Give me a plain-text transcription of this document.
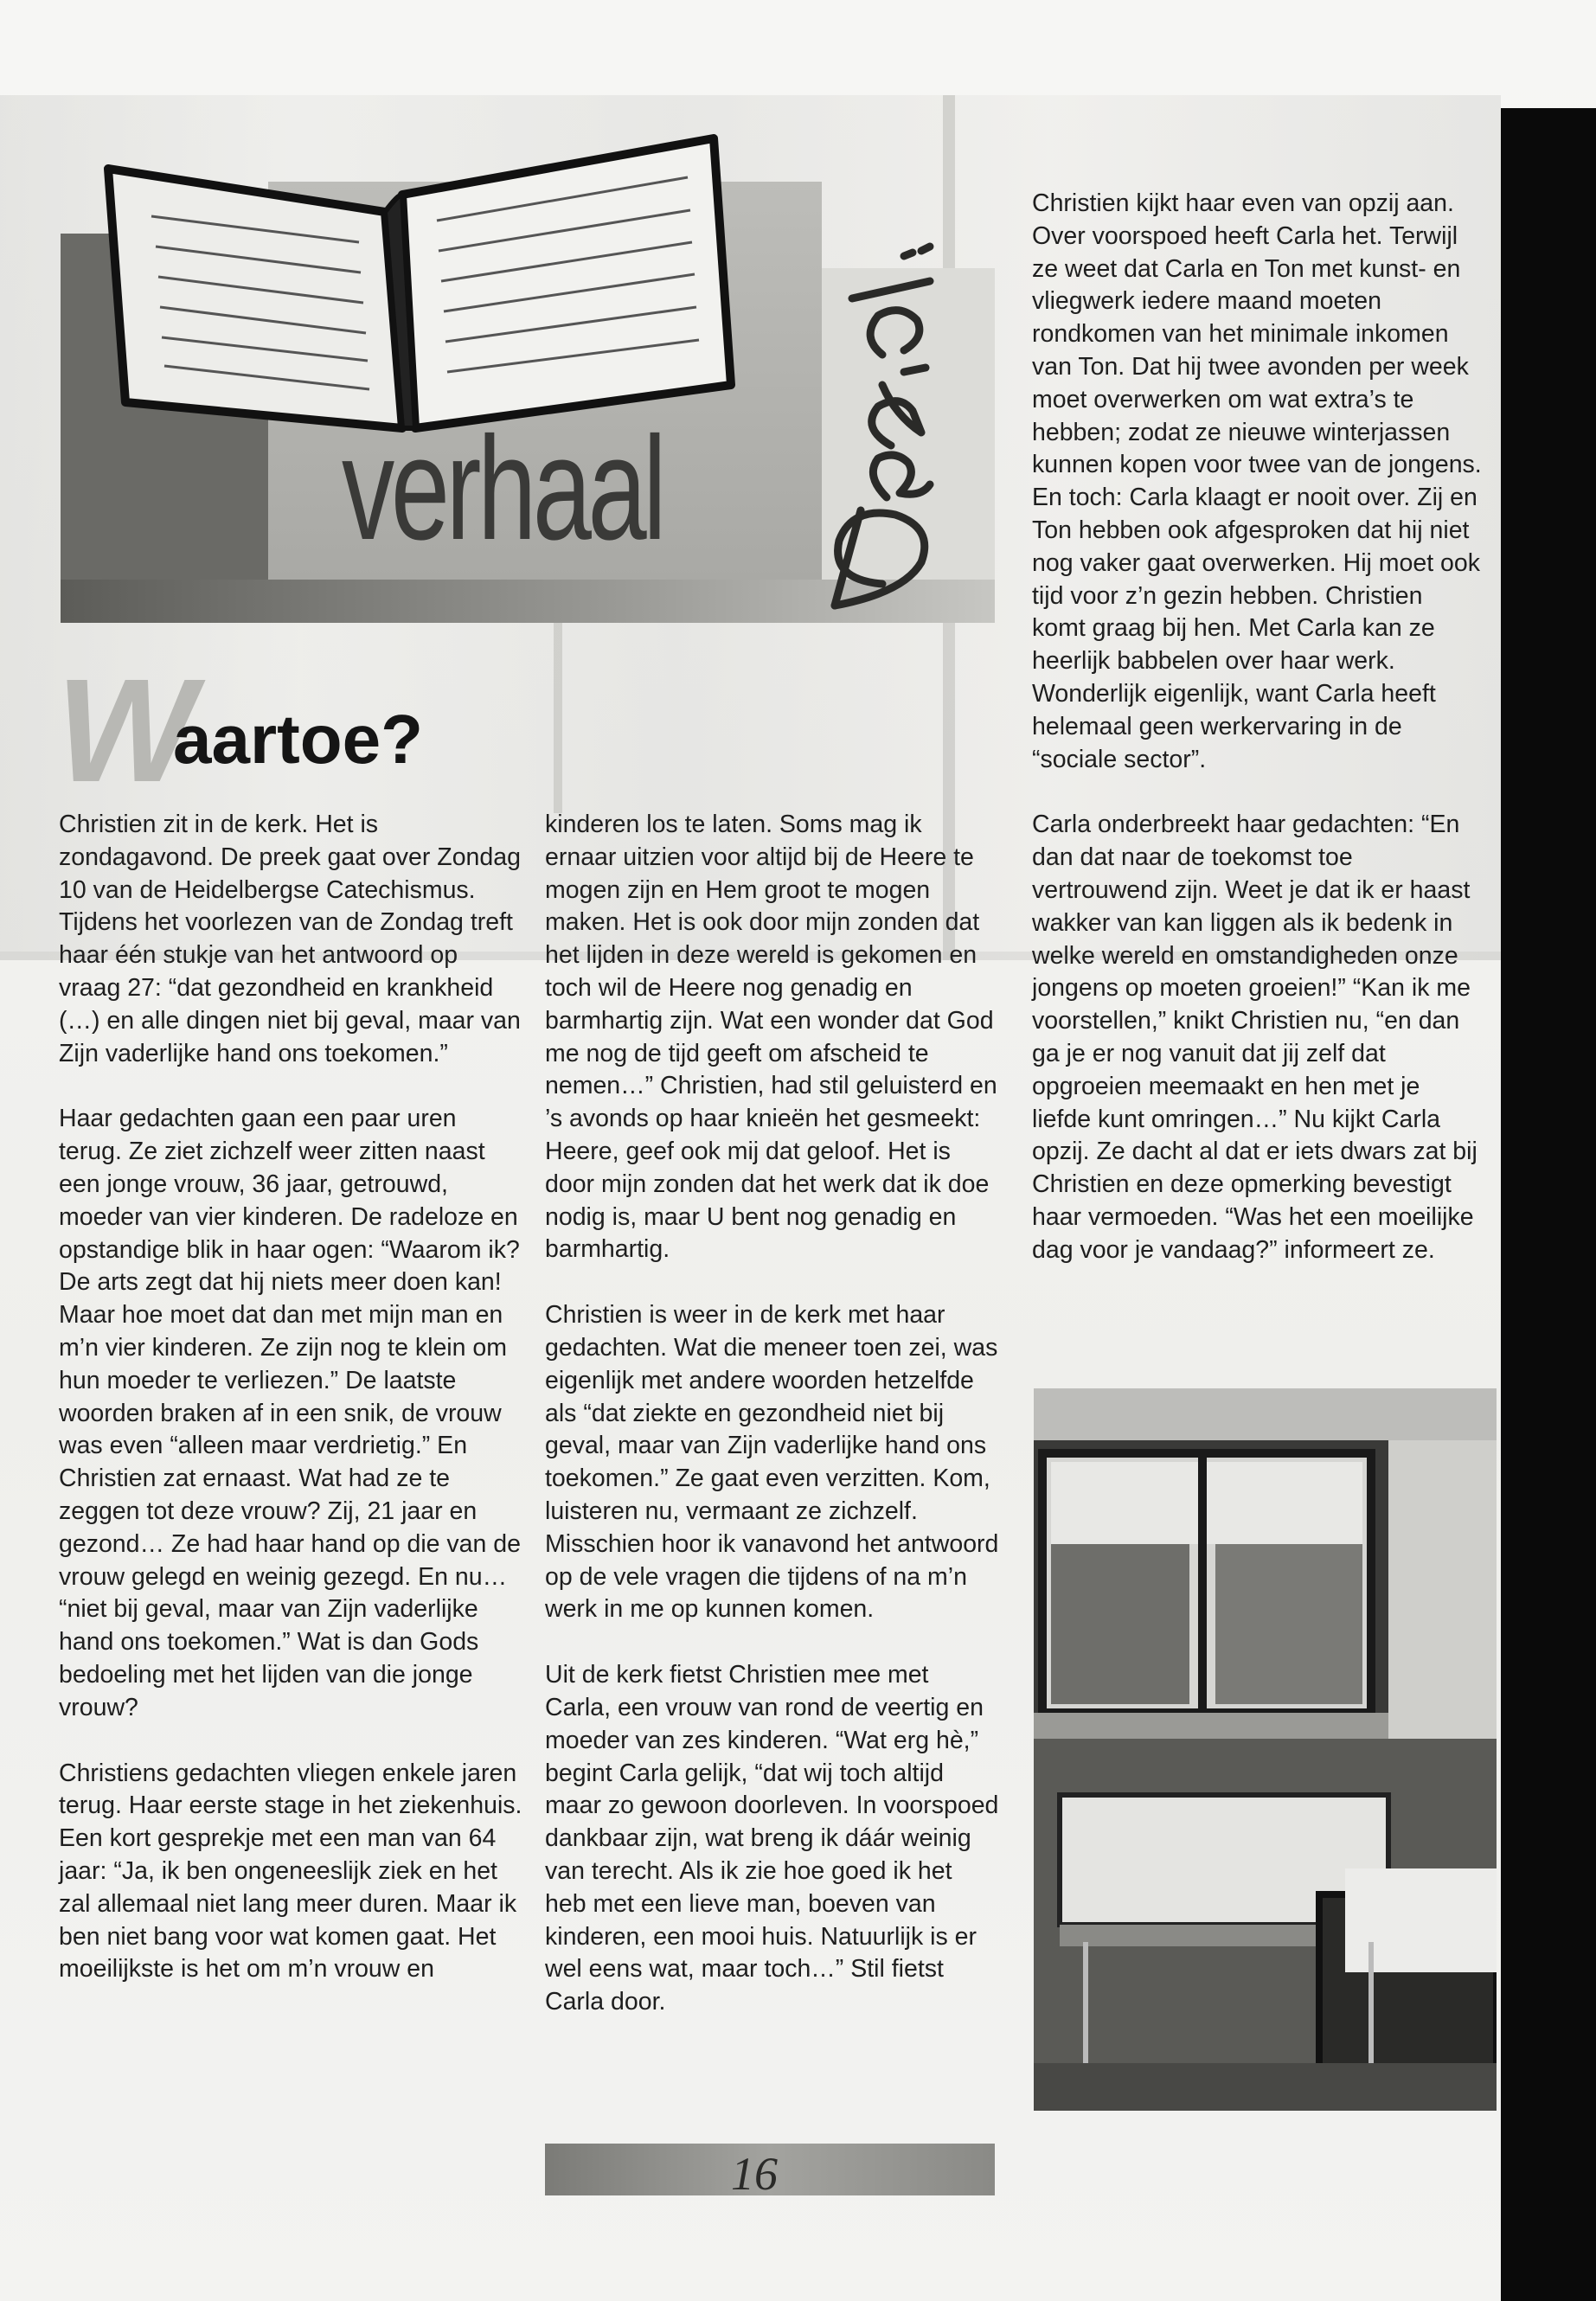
verhaal
W
aartoe?

Christien zit in de kerk. Het is zondagavond. De preek gaat over Zondag 10 van de Heidelbergse Catechismus. Tijdens het voorlezen van de Zondag treft haar één stukje van het antwoord op vraag 27: “dat gezondheid en krankheid (…) en alle dingen niet bij geval, maar van Zijn vaderlijke hand ons toekomen.”

Haar gedachten gaan een paar uren terug. Ze ziet zichzelf weer zitten naast een jonge vrouw, 36 jaar, getrouwd, moeder van vier kinderen. De radeloze en opstandige blik in haar ogen: “Waarom ik? De arts zegt dat hij niets meer doen kan! Maar hoe moet dat dan met mijn man en m’n vier kinderen. Ze zijn nog te klein om hun moeder te verliezen.” De laatste woorden braken af in een snik, de vrouw was even “alleen maar verdrietig.” En Christien zat ernaast. Wat had ze te zeggen tot deze vrouw? Zij, 21 jaar en gezond… Ze had haar hand op die van de vrouw gelegd en weinig gezegd. En nu… “niet bij geval, maar van Zijn vaderlijke hand ons toekomen.” Wat is dan Gods bedoeling met het lijden van die jonge vrouw?

Christiens gedachten vliegen enkele jaren terug. Haar eerste stage in het ziekenhuis. Een kort gesprekje met een man van 64 jaar: “Ja, ik ben ongeneeslijk ziek en het zal allemaal niet lang meer duren. Maar ik ben niet bang voor wat komen gaat. Het moeilijkste is het om m’n vrouw en

kinderen los te laten. Soms mag ik ernaar uitzien voor altijd bij de Heere te mogen zijn en Hem groot te mogen maken. Het is ook door mijn zonden dat het lijden in deze wereld is gekomen en toch wil de Heere nog genadig en barmhartig zijn. Wat een wonder dat God me nog de tijd geeft om afscheid te nemen…” Christien, had stil geluisterd en ’s avonds op haar knieën het gesmeekt: Heere, geef ook mij dat geloof. Het is door mijn zonden dat het werk dat ik doe nodig is, maar U bent nog genadig en barmhartig.

Christien is weer in de kerk met haar gedachten. Wat die meneer toen zei, was eigenlijk met andere woorden hetzelfde als “dat ziekte en gezondheid niet bij geval, maar van Zijn vaderlijke hand ons toekomen.” Ze gaat even verzitten. Kom, luisteren nu, vermaant ze zichzelf. Misschien hoor ik vanavond het antwoord op de vele vragen die tijdens of na m’n werk in me op kunnen komen.

Uit de kerk fietst Christien mee met Carla, een vrouw van rond de veertig en moeder van zes kinderen. “Wat erg hè,” begint Carla gelijk, “dat wij toch altijd maar zo gewoon doorleven. In voorspoed dankbaar zijn, wat breng ik dáár weinig van terecht. Als ik zie hoe goed ik het heb met een lieve man, boeven van kinderen, een mooi huis. Natuurlijk is er wel eens wat, maar toch…” Stil fietst Carla door.

Christien kijkt haar even van opzij aan. Over voorspoed heeft Carla het. Terwijl ze weet dat Carla en Ton met kunst- en vliegwerk iedere maand moeten rondkomen van het minimale inkomen van Ton. Dat hij twee avonden per week moet overwerken om wat extra’s te hebben; zodat ze nieuwe winterjassen kunnen kopen voor twee van de jongens. En toch: Carla klaagt er nooit over. Zij en Ton hebben ook afgesproken dat hij niet nog vaker gaat overwerken. Hij moet ook tijd voor z’n gezin hebben. Christien komt graag bij hen. Met Carla kan ze heerlijk babbelen over haar werk. Wonderlijk eigenlijk, want Carla heeft helemaal geen werkervaring in de “sociale sector”.

Carla onderbreekt haar gedachten: “En dan dat naar de toekomst toe vertrouwend zijn. Weet je dat ik er haast wakker van kan liggen als ik bedenk in welke wereld en omstandigheden onze jongens op moeten groeien!” “Kan ik me voorstellen,” knikt Christien nu, “en dan ga je er nog vanuit dat jij zelf dat opgroeien meemaakt en hen met je liefde kunt omringen…” Nu kijkt Carla opzij. Ze dacht al dat er iets dwars zat bij Christien en deze opmerking bevestigt haar vermoeden. “Was het een moeilijke dag voor je vandaag?” informeert ze.

16
